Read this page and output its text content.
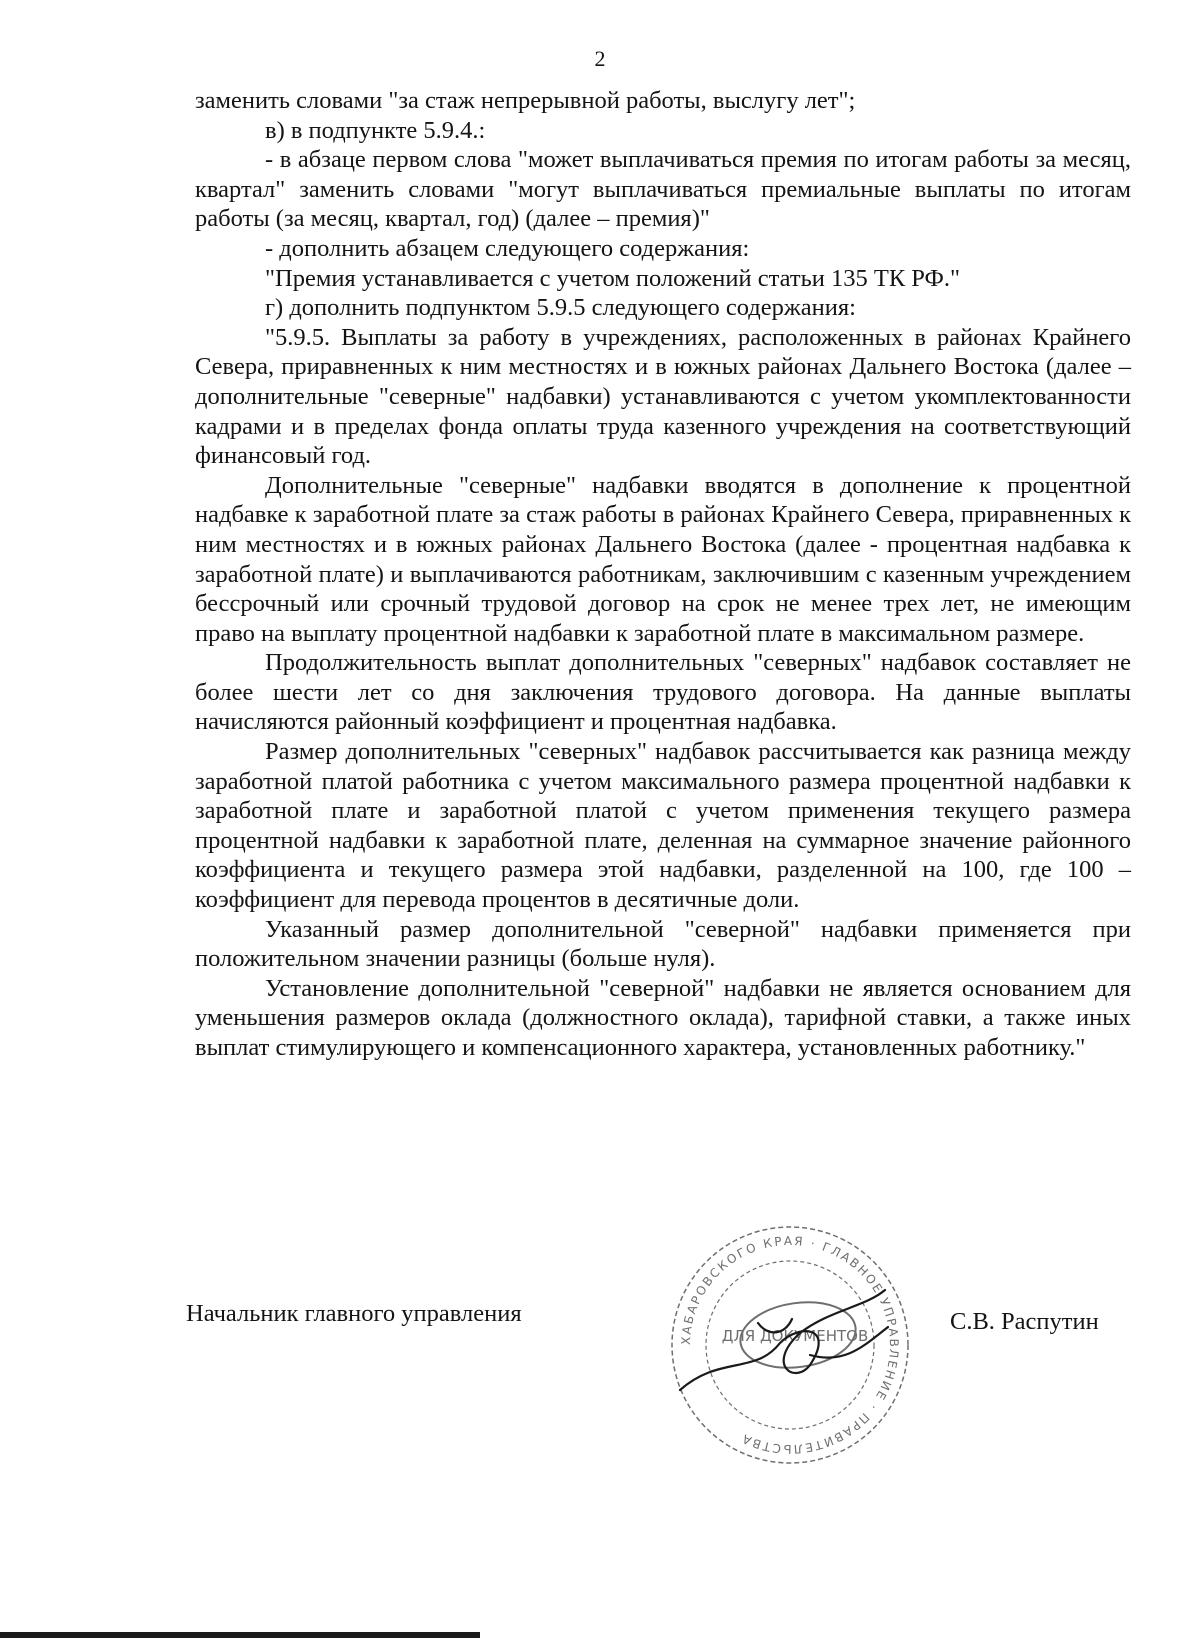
2

заменить словами "за стаж непрерывной работы, выслугу лет";

в) в подпункте 5.9.4.:

- в абзаце первом слова "может выплачиваться премия по итогам работы за месяц, квартал" заменить словами "могут выплачиваться премиальные выплаты по итогам работы (за месяц, квартал, год) (далее – премия)"

- дополнить абзацем следующего содержания:

"Премия устанавливается с учетом положений статьи 135 ТК РФ."

г) дополнить подпунктом 5.9.5 следующего содержания:

"5.9.5. Выплаты за работу в учреждениях, расположенных в районах Крайнего Севера, приравненных к ним местностях и в южных районах Дальнего Востока (далее – дополнительные "северные" надбавки) устанавливаются с учетом укомплектованности кадрами и в пределах фонда оплаты труда казенного учреждения на соответствующий финансовый год.

Дополнительные "северные" надбавки вводятся в дополнение к процентной надбавке к заработной плате за стаж работы в районах Крайнего Севера, приравненных к ним местностях и в южных районах Дальнего Востока (далее - процентная надбавка к заработной плате) и выплачиваются работникам, заключившим с казенным учреждением бессрочный или срочный трудовой договор на срок не менее трех лет, не имеющим право на выплату процентной надбавки к заработной плате в максимальном размере.

Продолжительность выплат дополнительных "северных" надбавок составляет не более шести лет со дня заключения трудового договора. На данные выплаты начисляются районный коэффициент и процентная надбавка.

Размер дополнительных "северных" надбавок рассчитывается как разница между заработной платой работника с учетом максимального размера процентной надбавки к заработной плате и заработной платой с учетом применения текущего размера процентной надбавки к заработной плате, деленная на суммарное значение районного коэффициента и текущего размера этой надбавки, разделенной на 100, где 100 – коэффициент для перевода процентов в десятичные доли.

Указанный размер дополнительной "северной" надбавки применяется при положительном значении разницы (больше нуля).

Установление дополнительной "северной" надбавки не является основанием для уменьшения размеров оклада (должностного оклада), тарифной ставки, а также иных выплат стимулирующего и компенсационного характера, установленных работнику."

Начальник главного управления
ХАБАРОВСКОГО КРАЯ · ГЛАВНОЕ УПРАВЛЕНИЕ · ПРАВИТЕЛЬСТВА
ДЛЯ ДОКУМЕНТОВ
С.В. Распутин
